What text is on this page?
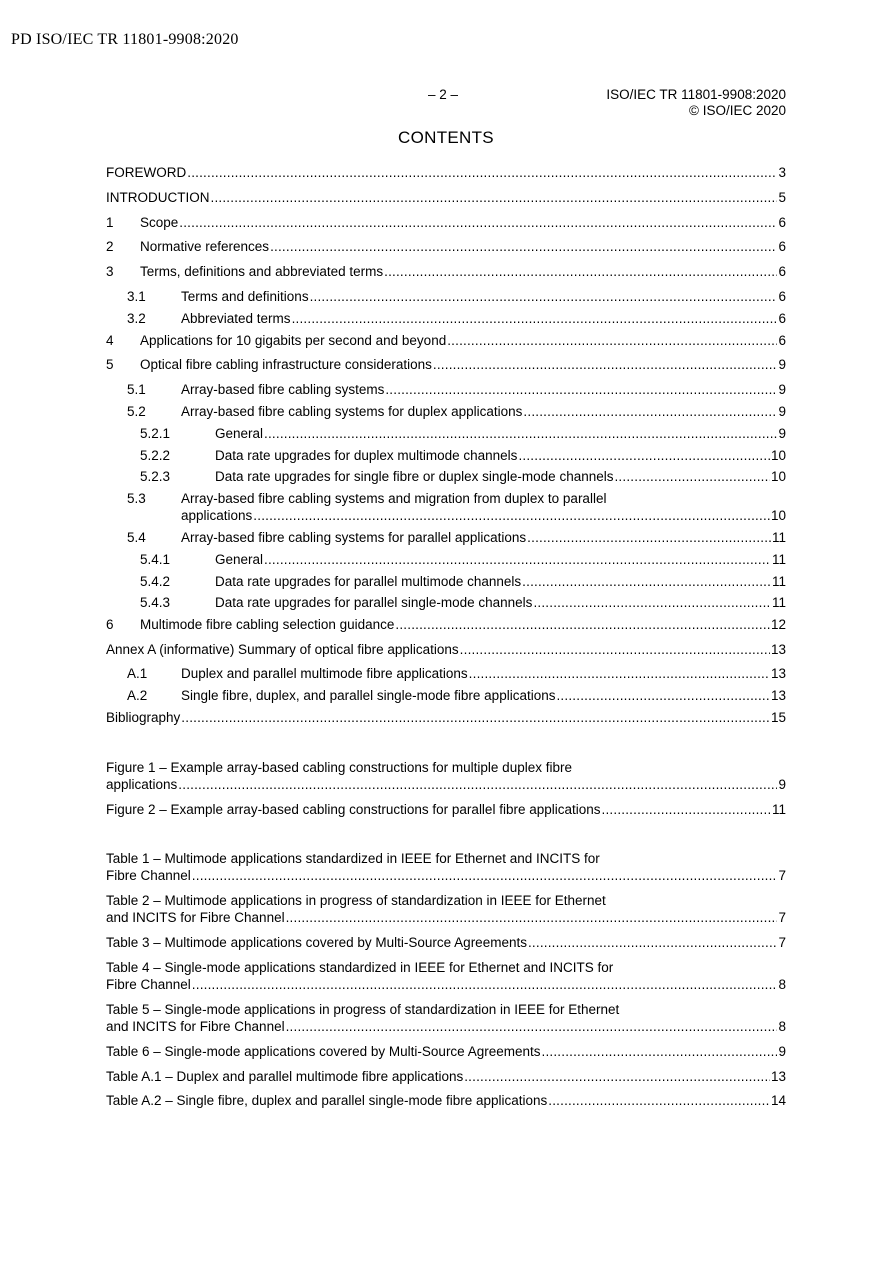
PD ISO/IEC TR 11801-9908:2020
– 2 –	ISO/IEC TR 11801-9908:2020
© ISO/IEC 2020
CONTENTS
FOREWORD .....	3
INTRODUCTION .....	5
1	Scope .....	6
2	Normative references .....	6
3	Terms, definitions and abbreviated terms .....	6
3.1	Terms and definitions .....	6
3.2	Abbreviated terms .....	6
4	Applications for 10 gigabits per second and beyond .....	6
5	Optical fibre cabling infrastructure considerations .....	9
5.1	Array-based fibre cabling systems .....	9
5.2	Array-based fibre cabling systems for duplex applications .....	9
5.2.1	General .....	9
5.2.2	Data rate upgrades for duplex multimode channels .....	10
5.2.3	Data rate upgrades for single fibre or duplex single-mode channels .....	10
5.3	Array-based fibre cabling systems and migration from duplex to parallel
applications .....	10
5.4	Array-based fibre cabling systems for parallel applications .....	11
5.4.1	General .....	11
5.4.2	Data rate upgrades for parallel multimode channels .....	11
5.4.3	Data rate upgrades for parallel single-mode channels .....	11
6	Multimode fibre cabling selection guidance .....	12
Annex A (informative) Summary of optical fibre applications .....	13
A.1	Duplex and parallel multimode fibre applications .....	13
A.2	Single fibre, duplex, and parallel single-mode fibre applications .....	13
Bibliography .....	15
Figure 1 – Example array-based cabling constructions for multiple duplex fibre
applications .....	9
Figure 2 – Example array-based cabling constructions for parallel fibre applications .....	11
Table 1 – Multimode applications standardized in IEEE for Ethernet and INCITS for
Fibre Channel .....	7
Table 2 – Multimode applications in progress of standardization in IEEE for Ethernet
and INCITS for Fibre Channel .....	7
Table 3 – Multimode applications covered by Multi-Source Agreements .....	7
Table 4 – Single-mode applications standardized in IEEE for Ethernet and INCITS for
Fibre Channel .....	8
Table 5 – Single-mode applications in progress of standardization in IEEE for Ethernet
and INCITS for Fibre Channel .....	8
Table 6 – Single-mode applications covered by Multi-Source Agreements .....	9
Table A.1 – Duplex and parallel multimode fibre applications .....	13
Table A.2 – Single fibre, duplex and parallel single-mode fibre applications .....	14
